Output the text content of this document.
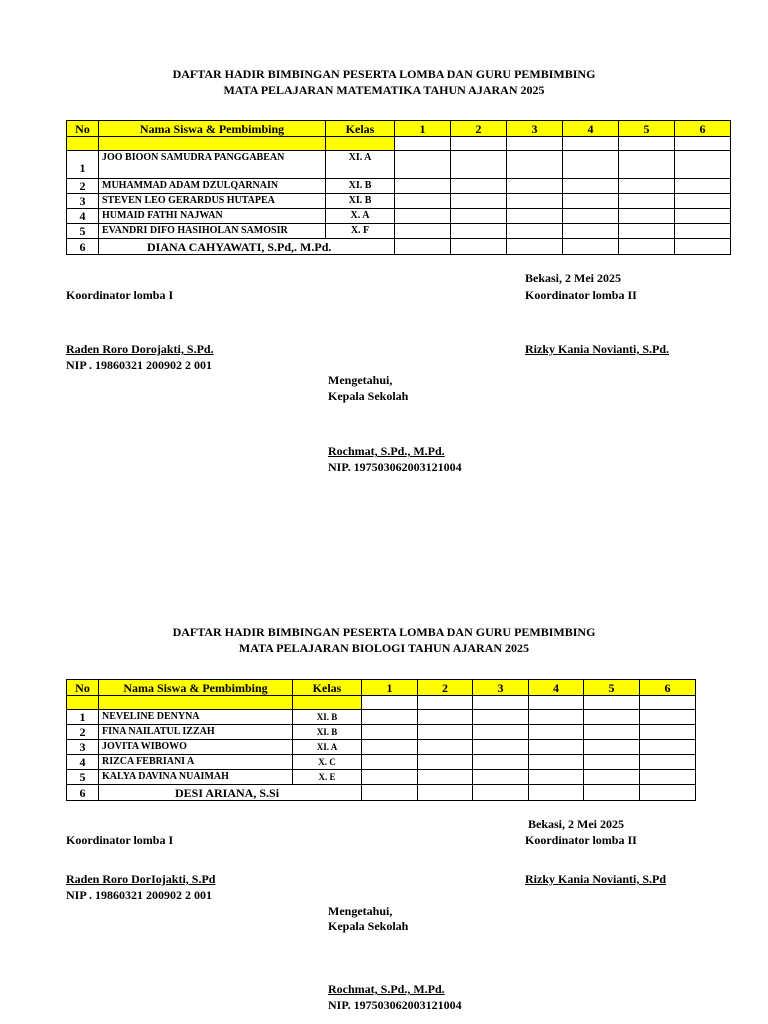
DAFTAR HADIR BIMBINGAN PESERTA LOMBA DAN GURU PEMBIMBING
MATA PELAJARAN MATEMATIKA TAHUN AJARAN 2025
No	Nama Siswa & Pembimbing	Kelas	1	2	3	4	5	6

1	JOO BIOON SAMUDRA PANGGABEAN	XI. A						
2	MUHAMMAD ADAM DZULQARNAIN	XI. B						
3	STEVEN LEO GERARDUS HUTAPEA	XI. B						
4	HUMAID FATHI NAJWAN	X. A						
5	EVANDRI DIFO HASIHOLAN SAMOSIR	X. F						
6	DIANA CAHYAWATI, S.Pd,. M.Pd.							
Bekasi, 2 Mei 2025
Koordinator lomba I	Koordinator lomba II
Raden Roro Dorojakti, S.Pd.
NIP . 19860321 200902 2 001
Rizky Kania Novianti, S.Pd.
Mengetahui,
Kepala Sekolah
Rochmat, S.Pd., M.Pd.
NIP. 197503062003121004
DAFTAR HADIR BIMBINGAN PESERTA LOMBA DAN GURU PEMBIMBING
MATA PELAJARAN BIOLOGI TAHUN AJARAN 2025
No	Nama Siswa & Pembimbing	Kelas	1	2	3	4	5	6

1	NEVELINE DENYNA	XI. B						
2	FINA NAILATUL IZZAH	XI. B						
3	JOVITA WIBOWO	XI. A						
4	RIZCA FEBRIANI A	X. C						
5	KALYA DAVINA NUAIMAH	X. E						
6	DESI ARIANA, S.Si							
Bekasi, 2 Mei 2025
Koordinator lomba I	Koordinator lomba II
Raden Roro DorIojakti, S.Pd
NIP . 19860321 200902 2 001
Rizky Kania Novianti, S.Pd
Mengetahui,
Kepala Sekolah
Rochmat, S.Pd., M.Pd.
NIP. 197503062003121004
